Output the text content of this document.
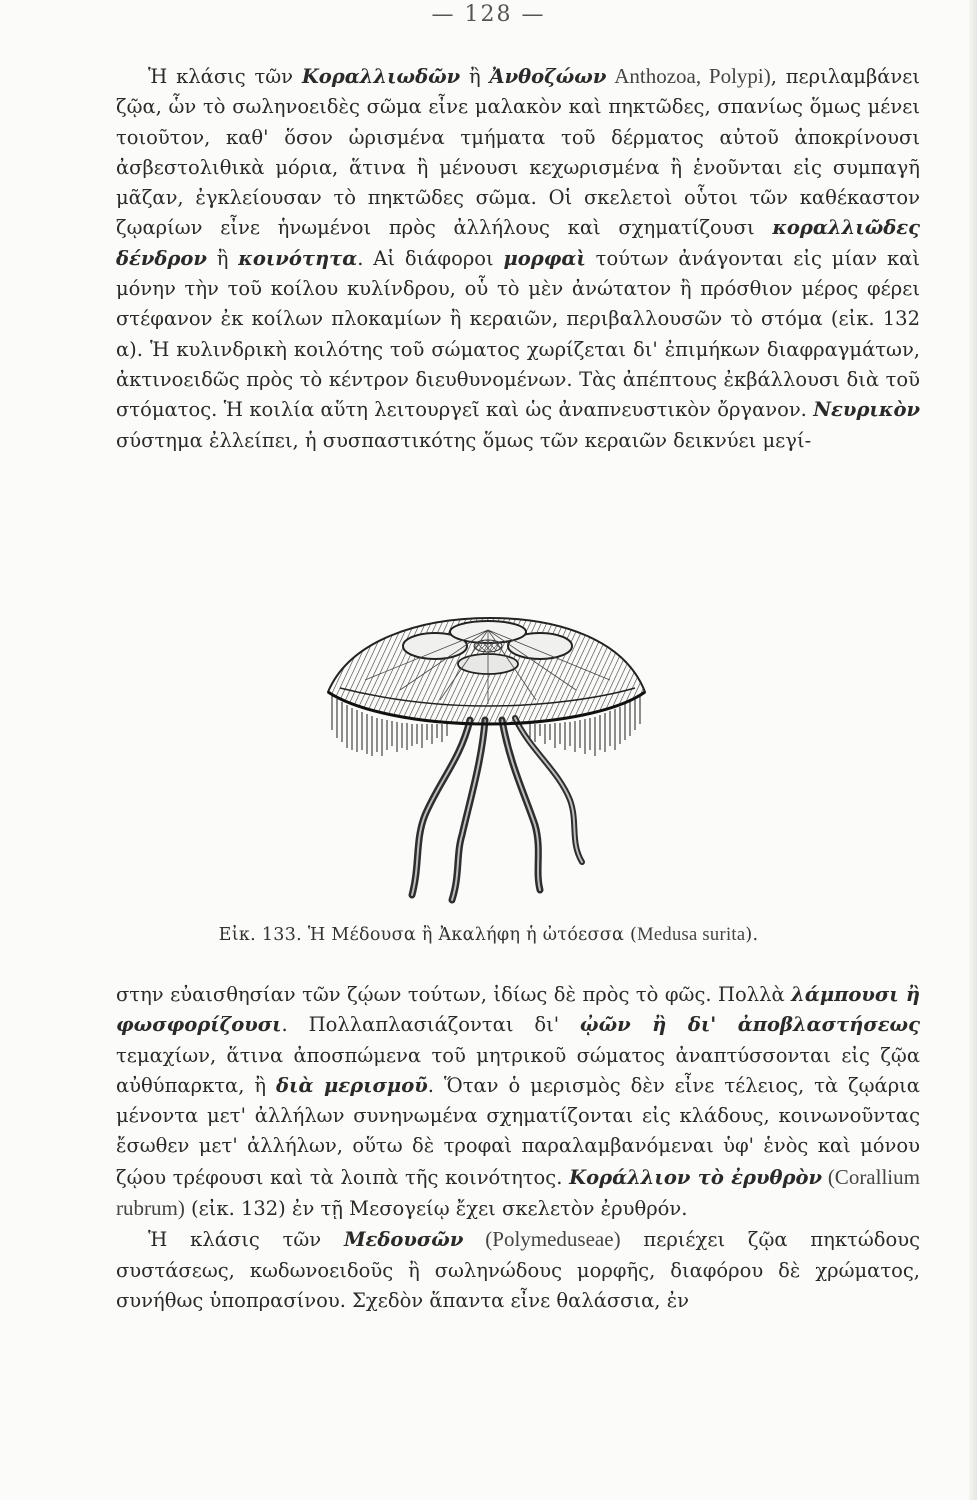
— 128 —

Ἡ κλάσις τῶν Κοραλλιωδῶν ἢ Ἀνθοζώων Anthozoa, Polypi), περιλαμβάνει ζῷα, ὧν τὸ σωληνοειδὲς σῶμα εἶνε μαλακὸν καὶ πηκτῶδες, σπανίως ὅμως μένει τοιοῦτον, καθ' ὅσον ὡρισμένα τμήματα τοῦ δέρματος αὐτοῦ ἀποκρίνουσι ἀσβεστολιθικὰ μόρια, ἅτινα ἢ μένουσι κεχωρισμένα ἢ ἑνοῦνται εἰς συμπαγῆ μᾶζαν, ἐγκλείουσαν τὸ πηκτῶδες σῶμα. Οἱ σκελετοὶ οὗτοι τῶν καθέκαστον ζῳαρίων εἶνε ἡνωμένοι πρὸς ἀλλήλους καὶ σχηματίζουσι κοραλλιῶδες δένδρον ἢ κοινότητα. Αἱ διάφοροι μορφαὶ τούτων ἀνάγονται εἰς μίαν καὶ μόνην τὴν τοῦ κοίλου κυλίνδρου, οὗ τὸ μὲν ἀνώτατον ἢ πρόσθιον μέρος φέρει στέφανον ἐκ κοίλων πλοκαμίων ἢ κεραιῶν, περιβαλλουσῶν τὸ στόμα (εἰκ. 132 α). Ἡ κυλινδρικὴ κοιλότης τοῦ σώματος χωρίζεται δι' ἐπιμήκων διαφραγμάτων, ἀκτινοειδῶς πρὸς τὸ κέντρον διευθυνομένων. Τὰς ἀπέπτους ἐκβάλλουσι διὰ τοῦ στόματος. Ἡ κοιλία αὕτη λειτουργεῖ καὶ ὡς ἀναπνευστικὸν ὄργανον. Νευρικὸν σύστημα ἐλλείπει, ἡ συσπαστικότης ὅμως τῶν κεραιῶν δεικνύει μεγί-

Εἰκ. 133. Ἡ Μέδουσα ἢ Ἀκαλήφη ἡ ὠτόεσσα (Medusa surita).

στην εὐαισθησίαν τῶν ζῴων τούτων, ἰδίως δὲ πρὸς τὸ φῶς. Πολλὰ λάμπουσι ἢ φωσφορίζουσι. Πολλαπλασιάζονται δι' ᾠῶν ἢ δι' ἀποβλαστήσεως τεμαχίων, ἅτινα ἀποσπώμενα τοῦ μητρικοῦ σώματος ἀναπτύσσονται εἰς ζῷα αὐθύπαρκτα, ἢ διὰ μερισμοῦ. Ὅταν ὁ μερισμὸς δὲν εἶνε τέλειος, τὰ ζῳάρια μένοντα μετ' ἀλλήλων συνηνωμένα σχηματίζονται εἰς κλάδους, κοινωνοῦντας ἔσωθεν μετ' ἀλλήλων, οὕτω δὲ τροφαὶ παραλαμβανόμεναι ὑφ' ἑνὸς καὶ μόνου ζῴου τρέφουσι καὶ τὰ λοιπὰ τῆς κοινότητος. Κοράλλιον τὸ ἐρυθρὸν (Corallium rubrum) (εἰκ. 132) ἐν τῇ Μεσογείῳ ἔχει σκελετὸν ἐρυθρόν.

Ἡ κλάσις τῶν Μεδουσῶν (Polymeduseae) περιέχει ζῷα πηκτώδους συστάσεως, κωδωνοειδοῦς ἢ σωληνώδους μορφῆς, διαφόρου δὲ χρώματος, συνήθως ὑποπρασίνου. Σχεδὸν ἅπαντα εἶνε θαλάσσια, ἐν
